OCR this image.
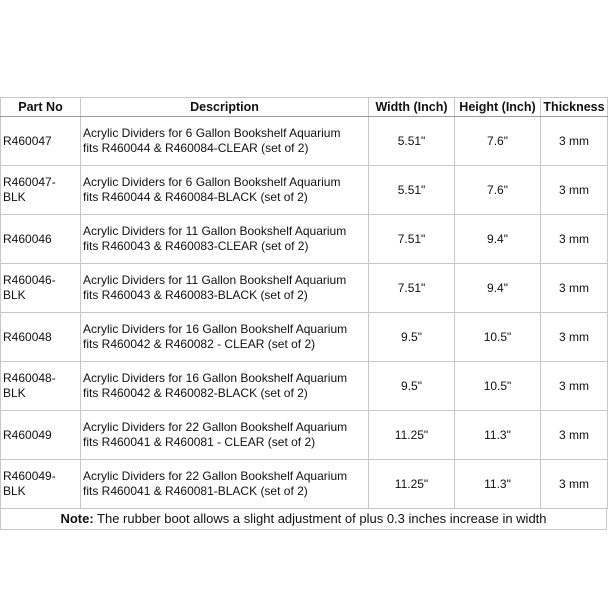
Part No	Description	Width (Inch)	Height (Inch)	Thickness
R460047	Acrylic Dividers for 6 Gallon Bookshelf Aquarium
fits R460044 & R460084-CLEAR (set of 2)	5.51"	7.6"	3 mm
R460047-BLK	Acrylic Dividers for 6 Gallon Bookshelf Aquarium
fits R460044 & R460084-BLACK (set of 2)	5.51"	7.6"	3 mm
R460046	Acrylic Dividers for 11 Gallon Bookshelf Aquarium
fits R460043 & R460083-CLEAR (set of 2)	7.51"	9.4"	3 mm
R460046-BLK	Acrylic Dividers for 11 Gallon Bookshelf Aquarium
fits R460043 & R460083-BLACK (set of 2)	7.51"	9.4"	3 mm
R460048	Acrylic Dividers for 16 Gallon Bookshelf Aquarium
fits R460042 & R460082 - CLEAR (set of 2)	9.5"	10.5"	3 mm
R460048-BLK	Acrylic Dividers for 16 Gallon Bookshelf Aquarium
fits R460042 & R460082-BLACK (set of 2)	9.5"	10.5"	3 mm
R460049	Acrylic Dividers for 22 Gallon Bookshelf Aquarium
fits R460041 & R460081 - CLEAR (set of 2)	11.25"	11.3"	3 mm
R460049-BLK	Acrylic Dividers for 22 Gallon Bookshelf Aquarium
fits R460041 & R460081-BLACK (set of 2)	11.25"	11.3"	3 mm
Note: The rubber boot allows a slight adjustment of plus 0.3 inches increase in width
